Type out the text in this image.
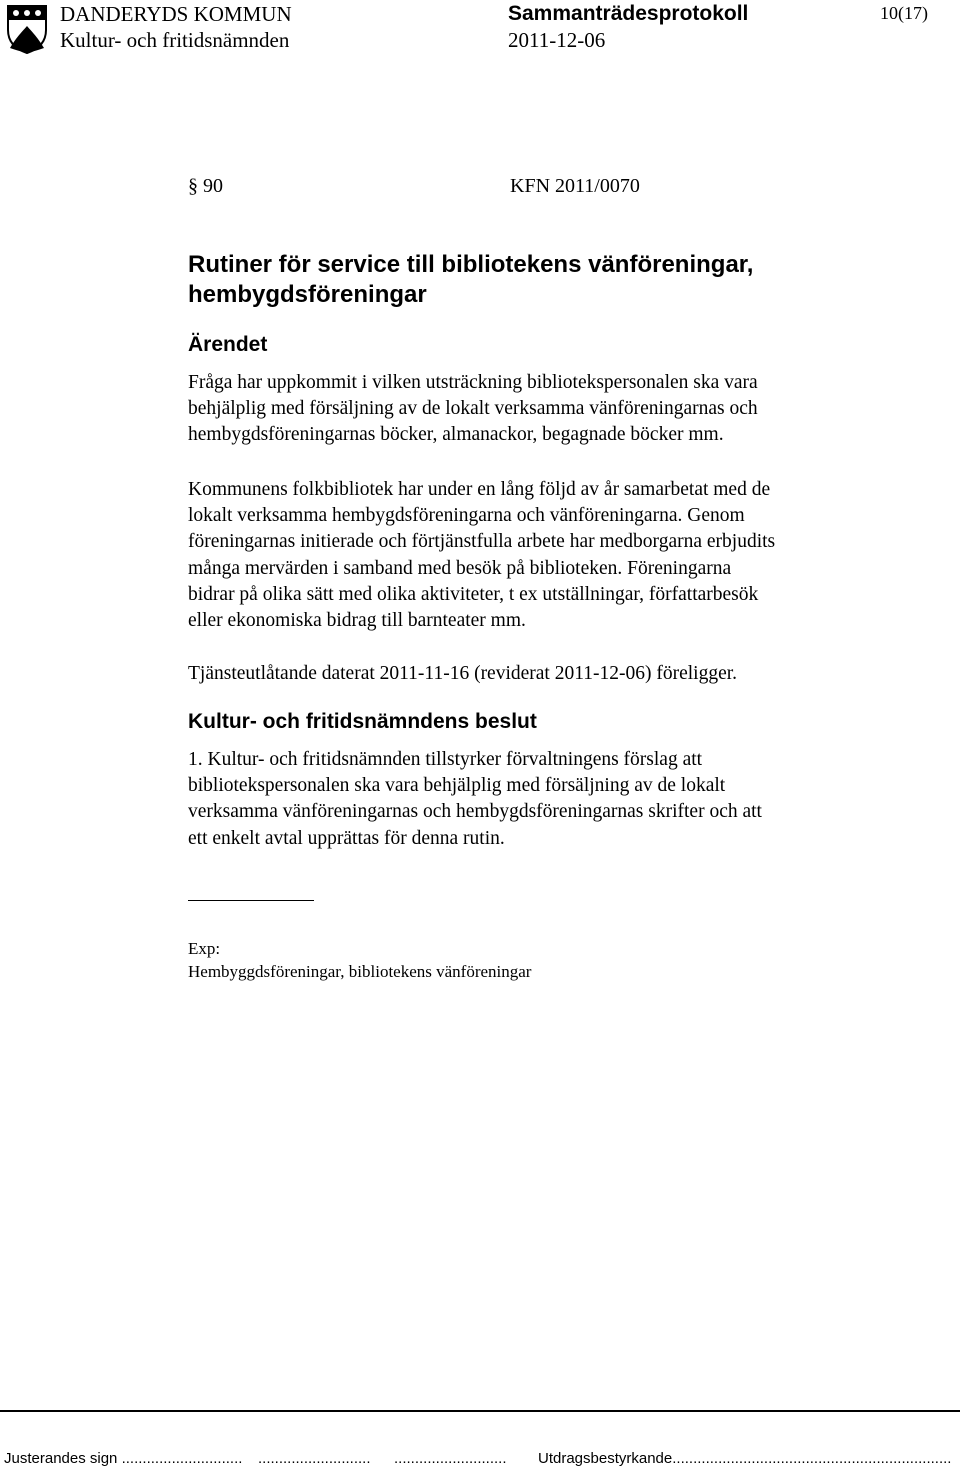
DANDERYDS KOMMUN
Kultur- och fritidsnämnden
Sammanträdesprotokoll
2011-12-06
10(17)
§ 90	KFN 2011/0070
Rutiner för service till bibliotekens vänföreningar, hembygdsföreningar
Ärendet
Fråga har uppkommit i vilken utsträckning bibliotekspersonalen ska vara
behjälplig med försäljning av de lokalt verksamma vänföreningarnas och
hembygdsföreningarnas böcker, almanackor, begagnade böcker mm.
Kommunens folkbibliotek har under en lång följd av år samarbetat med de
lokalt verksamma hembygdsföreningarna och vänföreningarna. Genom
föreningarnas initierade och förtjänstfulla arbete har medborgarna erbjudits
många mervärden i samband med besök på biblioteken. Föreningarna
bidrar på olika sätt med olika aktiviteter, t ex utställningar, författarbesök
eller ekonomiska bidrag till barnteater mm.
Tjänsteutlåtande daterat 2011-11-16 (reviderat 2011-12-06) föreligger.
Kultur- och fritidsnämndens beslut
1. Kultur- och fritidsnämnden tillstyrker förvaltningens förslag att
bibliotekspersonalen ska vara behjälplig med försäljning av de lokalt
verksamma vänföreningarnas och hembygdsföreningarnas skrifter och att
ett enkelt avtal upprättas för denna rutin.
Exp:
Hembyggdsföreningar, bibliotekens vänföreningar
Justerandes sign ............................. ........................... ........................... Utdragsbestyrkande...................................................................
